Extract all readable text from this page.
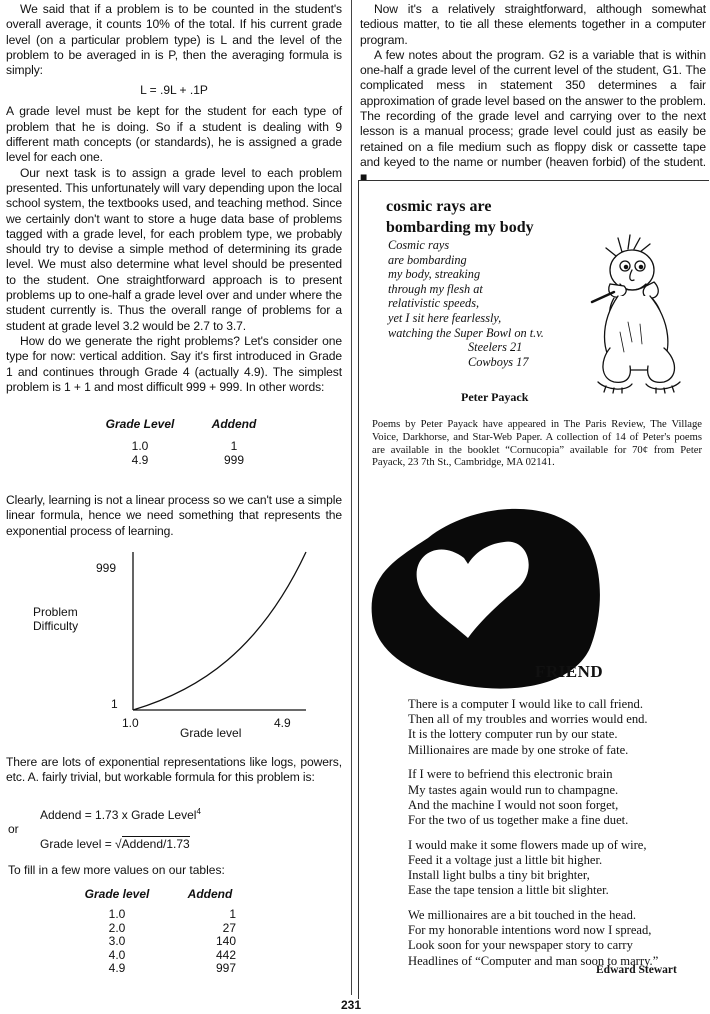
We said that if a problem is to be counted in the student's overall average, it counts 10% of the total. If his current grade level (on a particular problem type) is L and the level of the problem to be averaged in is P, then the averaging formula is simply:

L = .9L + .1P

A grade level must be kept for the student for each type of problem that he is doing. So if a student is dealing with 9 different math concepts (or standards), he is assigned a grade level for each one.

Our next task is to assign a grade level to each problem presented. This unfortunately will vary depending upon the local school system, the textbooks used, and teaching method. Since we certainly don't want to store a huge data base of problems tagged with a grade level, for each problem type, we probably should try to devise a simple method of determining its grade level. We must also determine what level should be presented to the student. One straightforward approach is to present problems up to one-half a grade level over and under where the student currently is. Thus the overall range of problems for a student at grade level 3.2 would be 2.7 to 3.7.

How do we generate the right problems? Let's consider one type for now: vertical addition. Say it's first introduced in Grade 1 and continues through Grade 4 (actually 4.9). The simplest problem is 1 + 1 and most difficult 999 + 999. In other words:

Grade Level	Addend

1.0	1
4.9	999

Clearly, learning is not a linear process so we can't use a simple linear formula, hence we need something that represents the exponential process of learning.

999
1
Problem
Difficulty
1.0	4.9
Grade level

There are lots of exponential representations like logs, powers, etc. A. fairly trivial, but workable formula for this problem is:

Addend = 1.73 x Grade Level$^4$
or
Grade level = √Addend/1.73
To fill in a few more values on our tables:
Grade level	Addend

1.0	1
2.0	27
3.0	140
4.0	442
4.9	997

Now it's a relatively straightforward, although somewhat tedious matter, to tie all these elements together in a computer program.

A few notes about the program. G2 is a variable that is within one-half a grade level of the current level of the student, G1. The complicated mess in statement 350 determines a fair approximation of grade level based on the answer to the problem. The recording of the grade level and carrying over to the next lesson is a manual process; grade level could just as easily be retained on a file medium such as floppy disk or cassette tape and keyed to the name or number (heaven forbid) of the student. ■

cosmic rays are
bombarding my body
Cosmic rays
are bombarding
my body, streaking
through my flesh at
relativistic speeds,
yet I sit here fearlessly,
watching the Super Bowl on t.v.
Steelers 21
Cowboys 17
Peter Payack
Poems by Peter Payack have appeared in The Paris Review, The Village Voice, Darkhorse, and Star-Web Paper. A collection of 14 of Peter's poems are available in the booklet “Cornucopia” available for 70¢ from Peter Payack, 23 7th St., Cambridge, MA 02141.
FRIEND
There is a computer I would like to call friend.
Then all of my troubles and worries would end.
It is the lottery computer run by our state.
Millionaires are made by one stroke of fate.
If I were to befriend this electronic brain
My tastes again would run to champagne.
And the machine I would not soon forget,
For the two of us together make a fine duet.
I would make it some flowers made up of wire,
Feed it a voltage just a little bit higher.
Install light bulbs a tiny bit brighter,
Ease the tape tension a little bit slighter.
We millionaires are a bit touched in the head.
For my honorable intentions word now I spread,
Look soon for your newspaper story to carry
Headlines of “Computer and man soon to marry.”
Edward Stewart
231
